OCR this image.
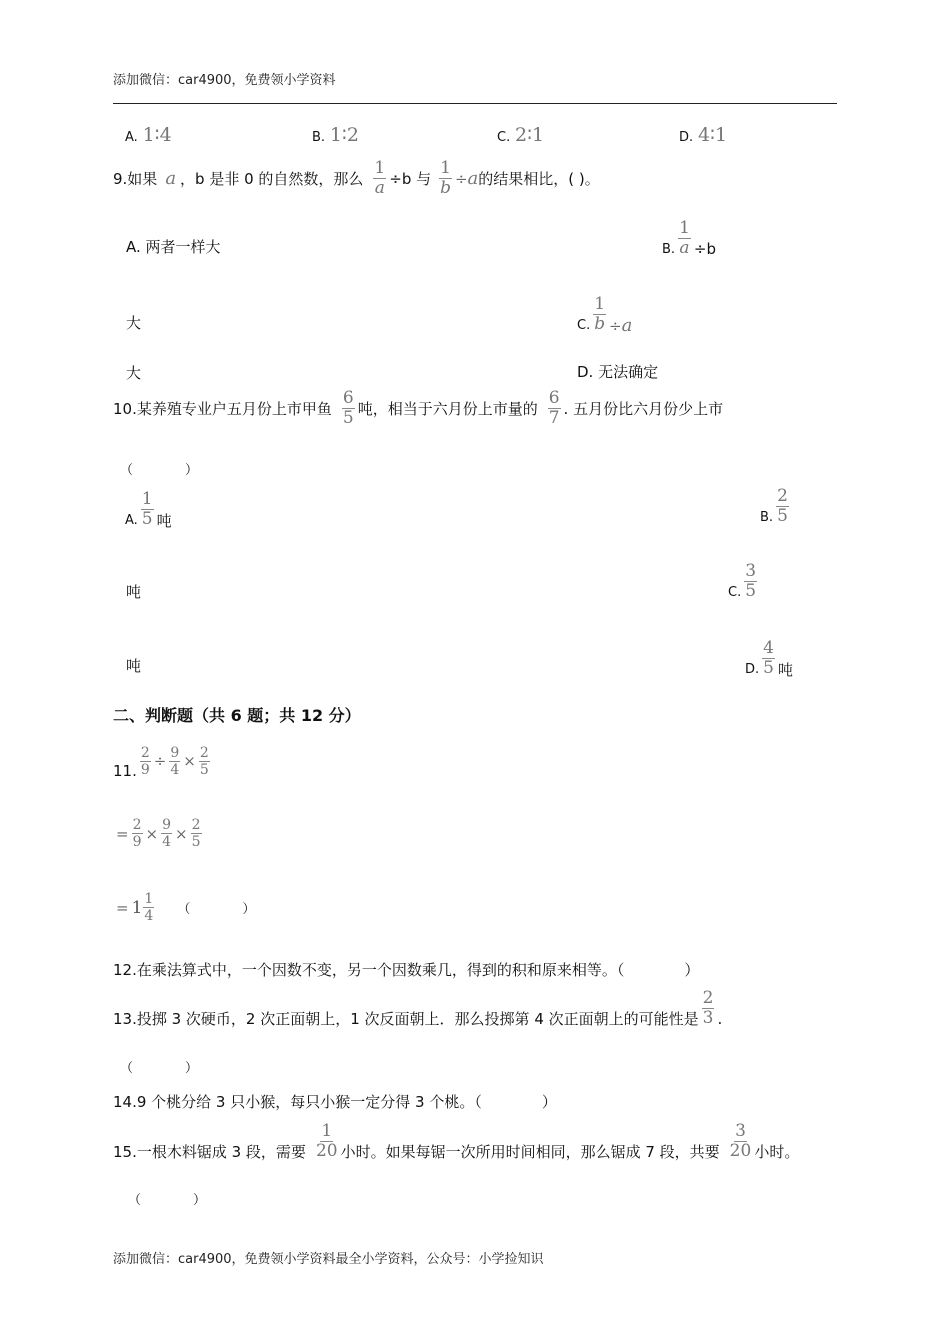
添加微信：car4900，免费领小学资料
A. 1∶4	B. 1∶2	C. 2∶1	D. 4∶1
9.如果 a ，b 是非 0 的自然数，那么 $\frac{1}{a} \div b$ 与 $\frac{1}{b} \div a$ 的结果相比，( )。
A. 两者一样大	B. $\frac{1}{a} \div b$
大	C. $\frac{1}{b} \div a$
大	D. 无法确定
10.某养殖专业户五月份上市甲鱼 $\frac{6}{5}$ 吨，相当于六月份上市量的 $\frac{6}{7}$ . 五月份比六月份少上市
（　　　　）
A. $\frac{1}{5}$ 吨	B. $\frac{2}{5}$
吨	C. $\frac{3}{5}$
吨	D. $\frac{4}{5}$ 吨
二、判断题（共 6 题；共 12 分）
11. $\frac{2}{9} \div \frac{9}{4} \times \frac{2}{5}$
= $\frac{2}{9} \times \frac{9}{4} \times \frac{2}{5}$
= $1 \frac{1}{4}$ （　　　　）
12.在乘法算式中，一个因数不变，另一个因数乘几，得到的积和原来相等。（　　　　）
13.投掷 3 次硬币，2 次正面朝上，1 次反面朝上．那么投掷第 4 次正面朝上的可能性是 $\frac{2}{3}$ .
（　　　　）
14.9 个桃分给 3 只小猴，每只小猴一定分得 3 个桃。（　　　　）
15.一根木料锯成 3 段，需要 $\frac{1}{20}$ 小时。如果每锯一次所用时间相同，那么锯成 7 段，共要 $\frac{3}{20}$ 小时。
（　　　　）
添加微信：car4900，免费领小学资料最全小学资料，公众号：小学捡知识
